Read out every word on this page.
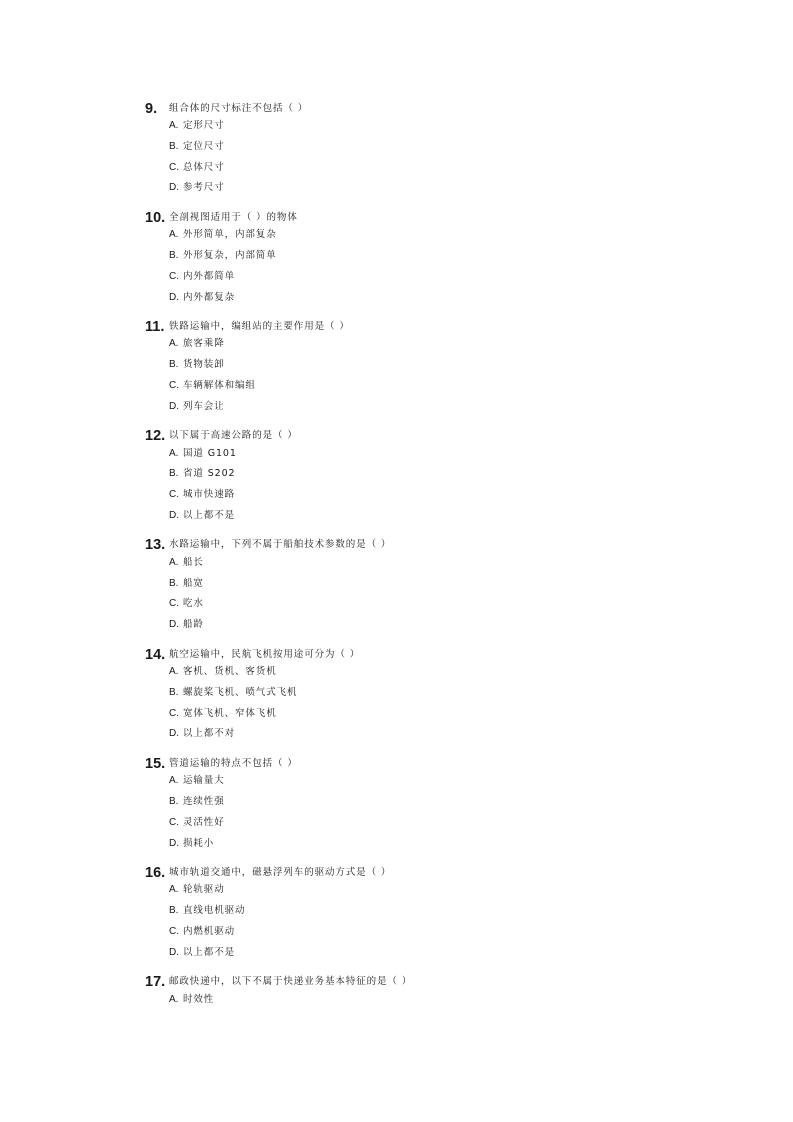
9. 组合体的尺寸标注不包括（ ）
A. 定形尺寸
B. 定位尺寸
C. 总体尺寸
D. 参考尺寸
10. 全剖视图适用于（ ）的物体
A. 外形简单，内部复杂
B. 外形复杂，内部简单
C. 内外都简单
D. 内外都复杂
11. 铁路运输中，编组站的主要作用是（ ）
A. 旅客乘降
B. 货物装卸
C. 车辆解体和编组
D. 列车会让
12. 以下属于高速公路的是（ ）
A. 国道 G101
B. 省道 S202
C. 城市快速路
D. 以上都不是
13. 水路运输中，下列不属于船舶技术参数的是（ ）
A. 船长
B. 船宽
C. 吃水
D. 船龄
14. 航空运输中，民航飞机按用途可分为（ ）
A. 客机、货机、客货机
B. 螺旋桨飞机、喷气式飞机
C. 宽体飞机、窄体飞机
D. 以上都不对
15. 管道运输的特点不包括（ ）
A. 运输量大
B. 连续性强
C. 灵活性好
D. 损耗小
16. 城市轨道交通中，磁悬浮列车的驱动方式是（ ）
A. 轮轨驱动
B. 直线电机驱动
C. 内燃机驱动
D. 以上都不是
17. 邮政快递中，以下不属于快递业务基本特征的是（ ）
A. 时效性
